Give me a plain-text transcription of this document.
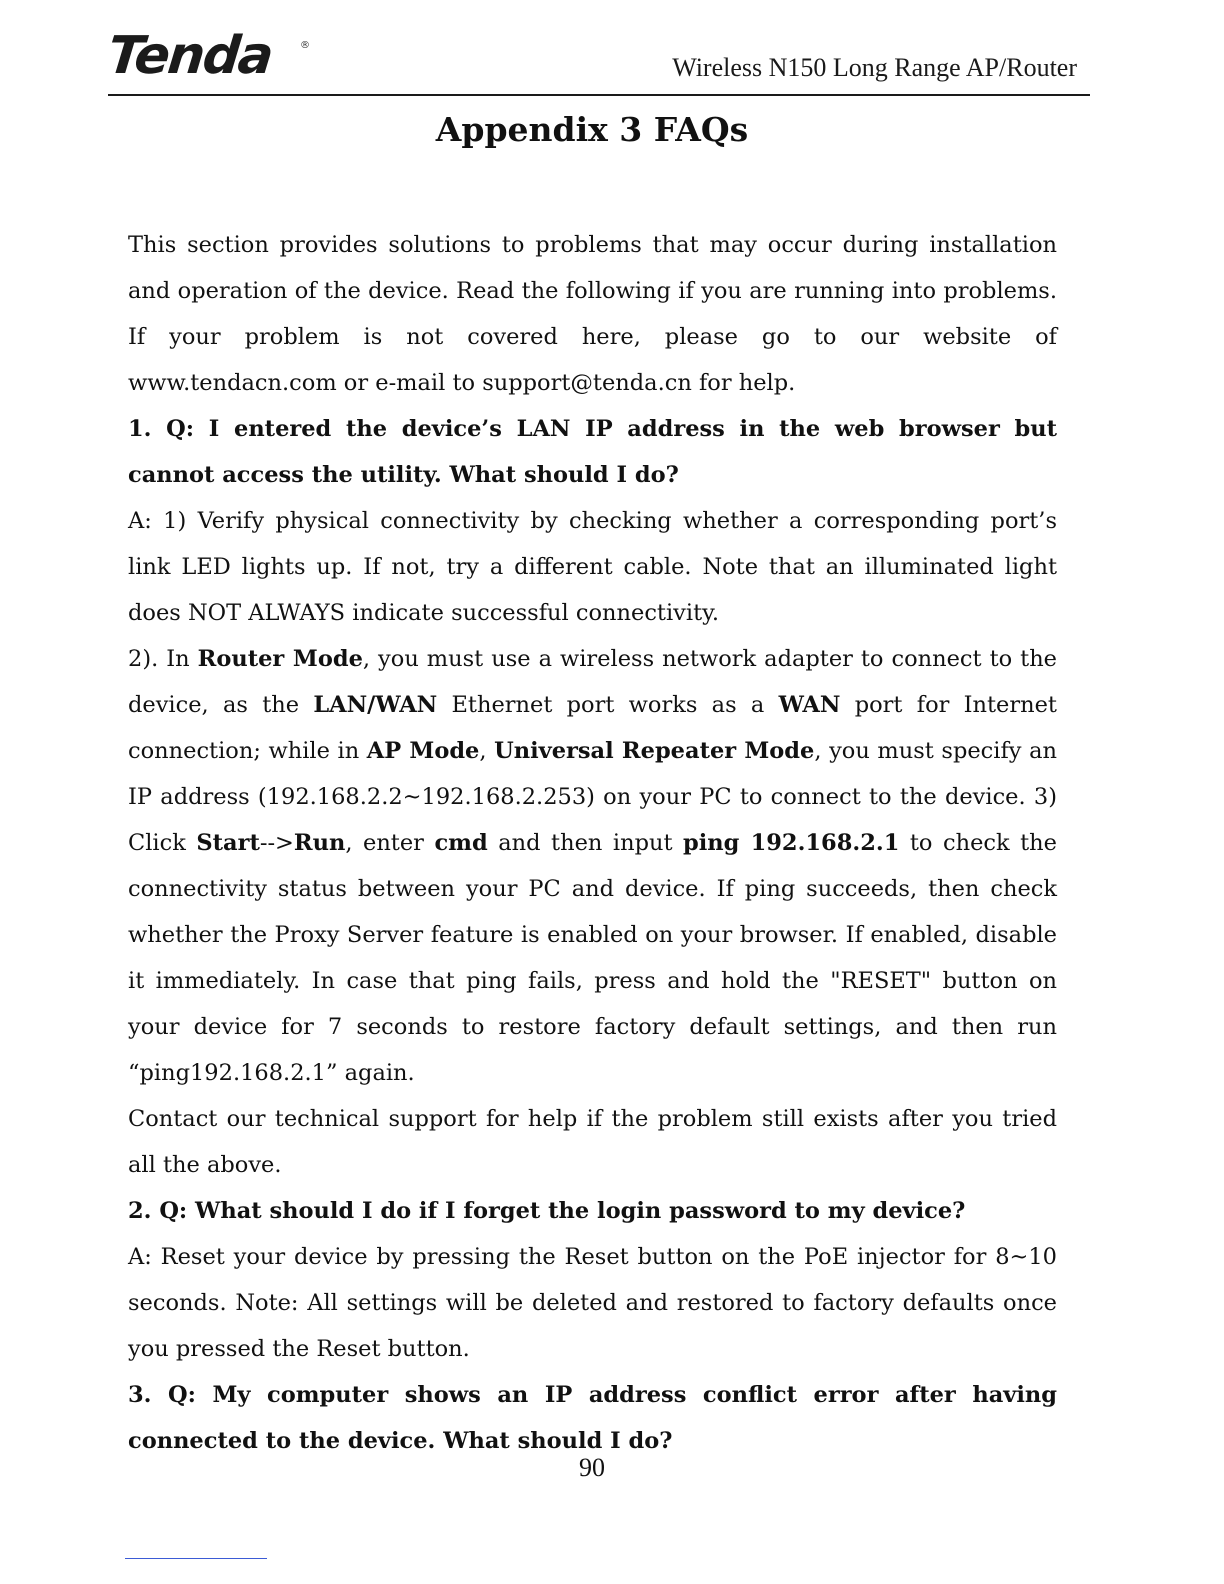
Tenda	®
Wireless N150 Long Range AP/Router
Appendix 3 FAQs

This section provides solutions to problems that may occur during installation and operation of the device. Read the following if you are running into problems. If your problem is not covered here, please go to our website of www.tendacn.com or e-mail to support@tenda.cn for help.

1. Q: I entered the device’s LAN IP address in the web browser but cannot access the utility. What should I do?

A: 1) Verify physical connectivity by checking whether a corresponding port’s link LED lights up. If not, try a different cable. Note that an illuminated light does NOT ALWAYS indicate successful connectivity.

2). In Router Mode, you must use a wireless network adapter to connect to the device, as the LAN/WAN Ethernet port works as a WAN port for Internet connection; while in AP Mode, Universal Repeater Mode, you must specify an IP address (192.168.2.2~192.168.2.253) on your PC to connect to the device. 3) Click Start-->Run, enter cmd and then input ping 192.168.2.1 to check the connectivity status between your PC and device. If ping succeeds, then check whether the Proxy Server feature is enabled on your browser. If enabled, disable it immediately. In case that ping fails, press and hold the "RESET" button on your device for 7 seconds to restore factory default settings, and then run “ping192.168.2.1” again.

Contact our technical support for help if the problem still exists after you tried all the above.

2. Q: What should I do if I forget the login password to my device?

A: Reset your device by pressing the Reset button on the PoE injector for 8~10 seconds. Note: All settings will be deleted and restored to factory defaults once you pressed the Reset button.

3. Q: My computer shows an IP address conflict error after having connected to the device. What should I do?

90
